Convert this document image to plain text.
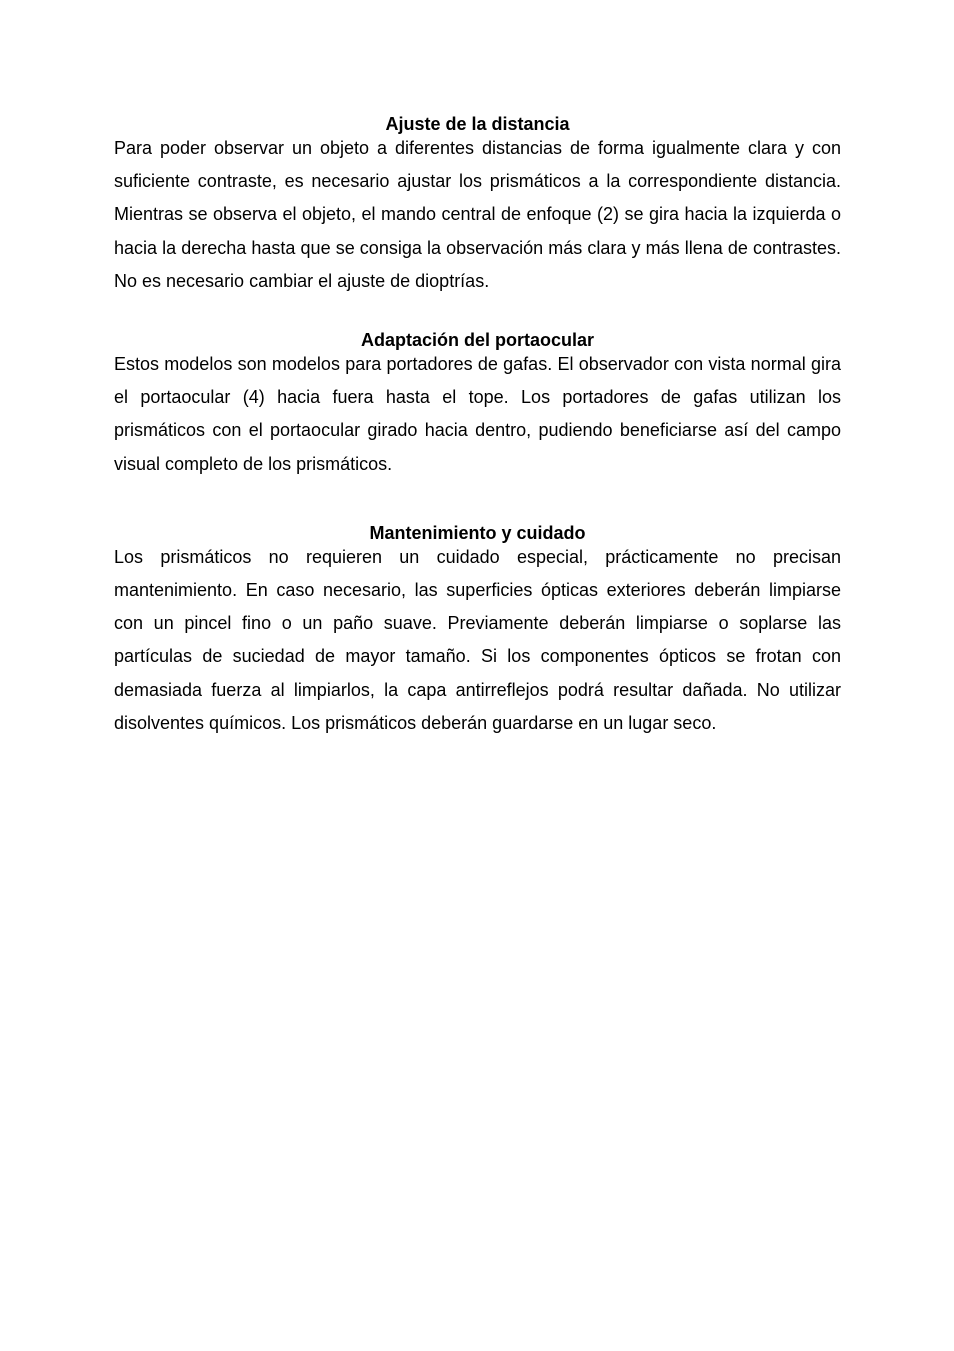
Ajuste de la distancia

Para poder observar un objeto a diferentes distancias de forma igualmente clara y con suficiente contraste, es necesario ajustar los prismáticos a la correspondiente distancia. Mientras se observa el objeto, el mando central de enfoque (2) se gira hacia la izquierda o hacia la derecha hasta que se consiga la observación más clara y más llena de contrastes. No es necesario cambiar el ajuste de dioptrías.

Adaptación del portaocular

Estos modelos son modelos para portadores de gafas. El observador con vista normal gira el portaocular (4) hacia fuera hasta el tope. Los portadores de gafas utilizan los prismáticos con el portaocular girado hacia dentro, pudiendo beneficiarse así del campo visual completo de los prismáticos.

Mantenimiento y cuidado

Los prismáticos no requieren un cuidado especial, prácticamente no precisan mantenimiento. En caso necesario, las superficies ópticas exteriores deberán limpiarse con un pincel fino o un paño suave. Previamente deberán limpiarse o soplarse las partículas de suciedad de mayor tamaño. Si los componentes ópticos se frotan con demasiada fuerza al limpiarlos, la capa antirreflejos podrá resultar dañada. No utilizar disolventes químicos. Los prismáticos deberán guardarse en un lugar seco.
